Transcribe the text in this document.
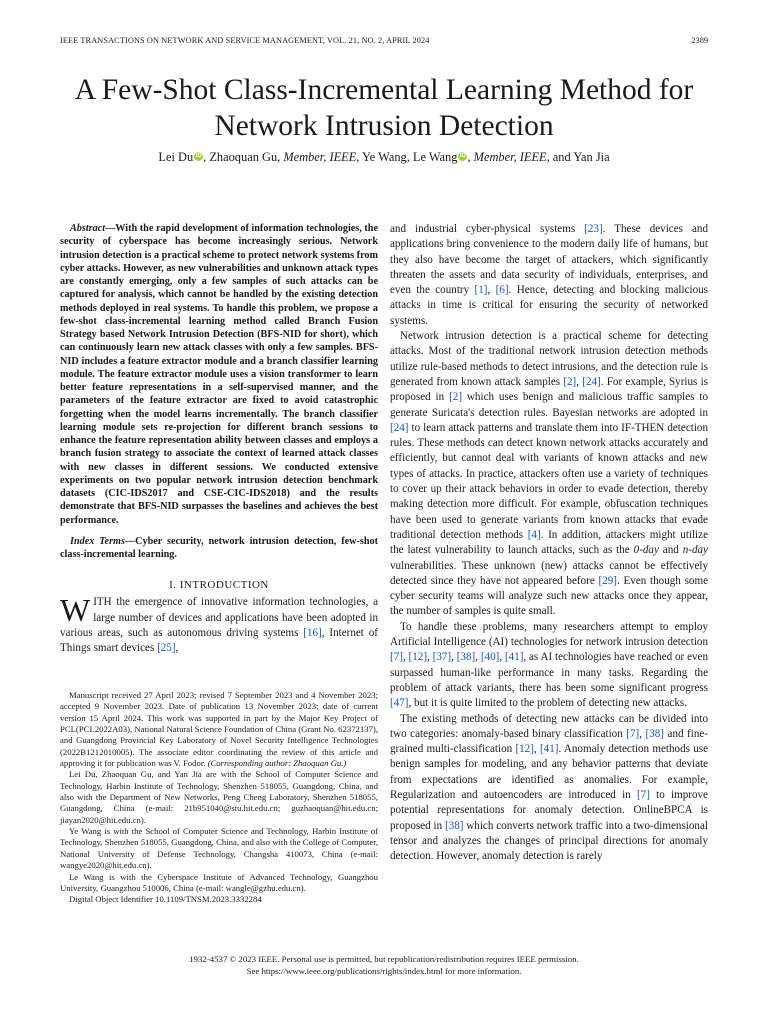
IEEE TRANSACTIONS ON NETWORK AND SERVICE MANAGEMENT, VOL. 21, NO. 2, APRIL 2024	2389
A Few-Shot Class-Incremental Learning Method for
Network Intrusion Detection
Lei Du iD , Zhaoquan Gu, Member, IEEE, Ye Wang, Le Wang iD , Member, IEEE, and Yan Jia

Abstract—With the rapid development of information technologies, the security of cyberspace has become increasingly serious. Network intrusion detection is a practical scheme to protect network systems from cyber attacks. However, as new vulnerabilities and unknown attack types are constantly emerging, only a few samples of such attacks can be captured for analysis, which cannot be handled by the existing detection methods deployed in real systems. To handle this problem, we propose a few-shot class-incremental learning method called Branch Fusion Strategy based Network Intrusion Detection (BFS-NID for short), which can continuously learn new attack classes with only a few samples. BFS-NID includes a feature extractor module and a branch classifier learning module. The feature extractor module uses a vision transformer to learn better feature representations in a self-supervised manner, and the parameters of the feature extractor are fixed to avoid catastrophic forgetting when the model learns incrementally. The branch classifier learning module sets re-projection for different branch sessions to enhance the feature representation ability between classes and employs a branch fusion strategy to associate the context of learned attack classes with new classes in different sessions. We conducted extensive experiments on two popular network intrusion detection benchmark datasets (CIC-IDS2017 and CSE-CIC-IDS2018) and the results demonstrate that BFS-NID surpasses the baselines and achieves the best performance.

Index Terms—Cyber security, network intrusion detection, few-shot class-incremental learning.

I. INTRODUCTION

WITH the emergence of innovative information technologies, a large number of devices and applications have been adopted in various areas, such as autonomous driving systems [16], Internet of Things smart devices [25],

Manuscript received 27 April 2023; revised 7 September 2023 and 4 November 2023; accepted 9 November 2023. Date of publication 13 November 2023; date of current version 15 April 2024. This work was supported in part by the Major Key Project of PCL(PCL2022A03), National Natural Science Foundation of China (Grant No. 62372137), and Guangdong Provincial Key Laboratory of Novel Security Intelligence Technologies (2022B1212010005). The associate editor coordinating the review of this article and approving it for publication was V. Fodor. (Corresponding author: Zhaoquan Gu.)

Lei Du, Zhaoquan Gu, and Yan Jia are with the School of Computer Science and Technology, Harbin Institute of Technology, Shenzhen 518055, Guangdong, China, and also with the Department of New Networks, Peng Cheng Laboratory, Shenzhen 518055, Guangdong, China (e-mail: 21b951040@stu.hit.edu.cn; guzhaoquan@hit.edu.cn; jiayan2020@hit.edu.cn).

Ye Wang is with the School of Computer Science and Technology, Harbin Institute of Technology, Shenzhen 518055, Guangdong, China, and also with the College of Computer, National University of Defense Technology, Changsha 410073, China (e-mail: wangye2020@hit.edu.cn).

Le Wang is with the Cyberspace Institute of Advanced Technology, Guangzhou University, Guangzhou 510006, China (e-mail: wangle@gzhu.edu.cn).

Digital Object Identifier 10.1109/TNSM.2023.3332284

and industrial cyber-physical systems [23]. These devices and applications bring convenience to the modern daily life of humans, but they also have become the target of attackers, which significantly threaten the assets and data security of individuals, enterprises, and even the country [1], [6]. Hence, detecting and blocking malicious attacks in time is critical for ensuring the security of networked systems.

Network intrusion detection is a practical scheme for detecting attacks. Most of the traditional network intrusion detection methods utilize rule-based methods to detect intrusions, and the detection rule is generated from known attack samples [2], [24]. For example, Syrius is proposed in [2] which uses benign and malicious traffic samples to generate Suricata's detection rules. Bayesian networks are adopted in [24] to learn attack patterns and translate them into IF-THEN detection rules. These methods can detect known network attacks accurately and efficiently, but cannot deal with variants of known attacks and new types of attacks. In practice, attackers often use a variety of techniques to cover up their attack behaviors in order to evade detection, thereby making detection more difficult. For example, obfuscation techniques have been used to generate variants from known attacks that evade traditional detection methods [4]. In addition, attackers might utilize the latest vulnerability to launch attacks, such as the 0-day and n-day vulnerabilities. These unknown (new) attacks cannot be effectively detected since they have not appeared before [29]. Even though some cyber security teams will analyze such new attacks once they appear, the number of samples is quite small.

To handle these problems, many researchers attempt to employ Artificial Intelligence (AI) technologies for network intrusion detection [7], [12], [37], [38], [40], [41], as AI technologies have reached or even surpassed human-like performance in many tasks. Regarding the problem of attack variants, there has been some significant progress [47], but it is quite limited to the problem of detecting new attacks.

The existing methods of detecting new attacks can be divided into two categories: anomaly-based binary classification [7], [38] and fine-grained multi-classification [12], [41]. Anomaly detection methods use benign samples for modeling, and any behavior patterns that deviate from expectations are identified as anomalies. For example, Regularization and autoencoders are introduced in [7] to improve potential representations for anomaly detection. OnlineBPCA is proposed in [38] which converts network traffic into a two-dimensional tensor and analyzes the changes of principal directions for anomaly detection. However, anomaly detection is rarely

1932-4537 © 2023 IEEE. Personal use is permitted, but republication/redistribution requires IEEE permission.
See https://www.ieee.org/publications/rights/index.html for more information.
